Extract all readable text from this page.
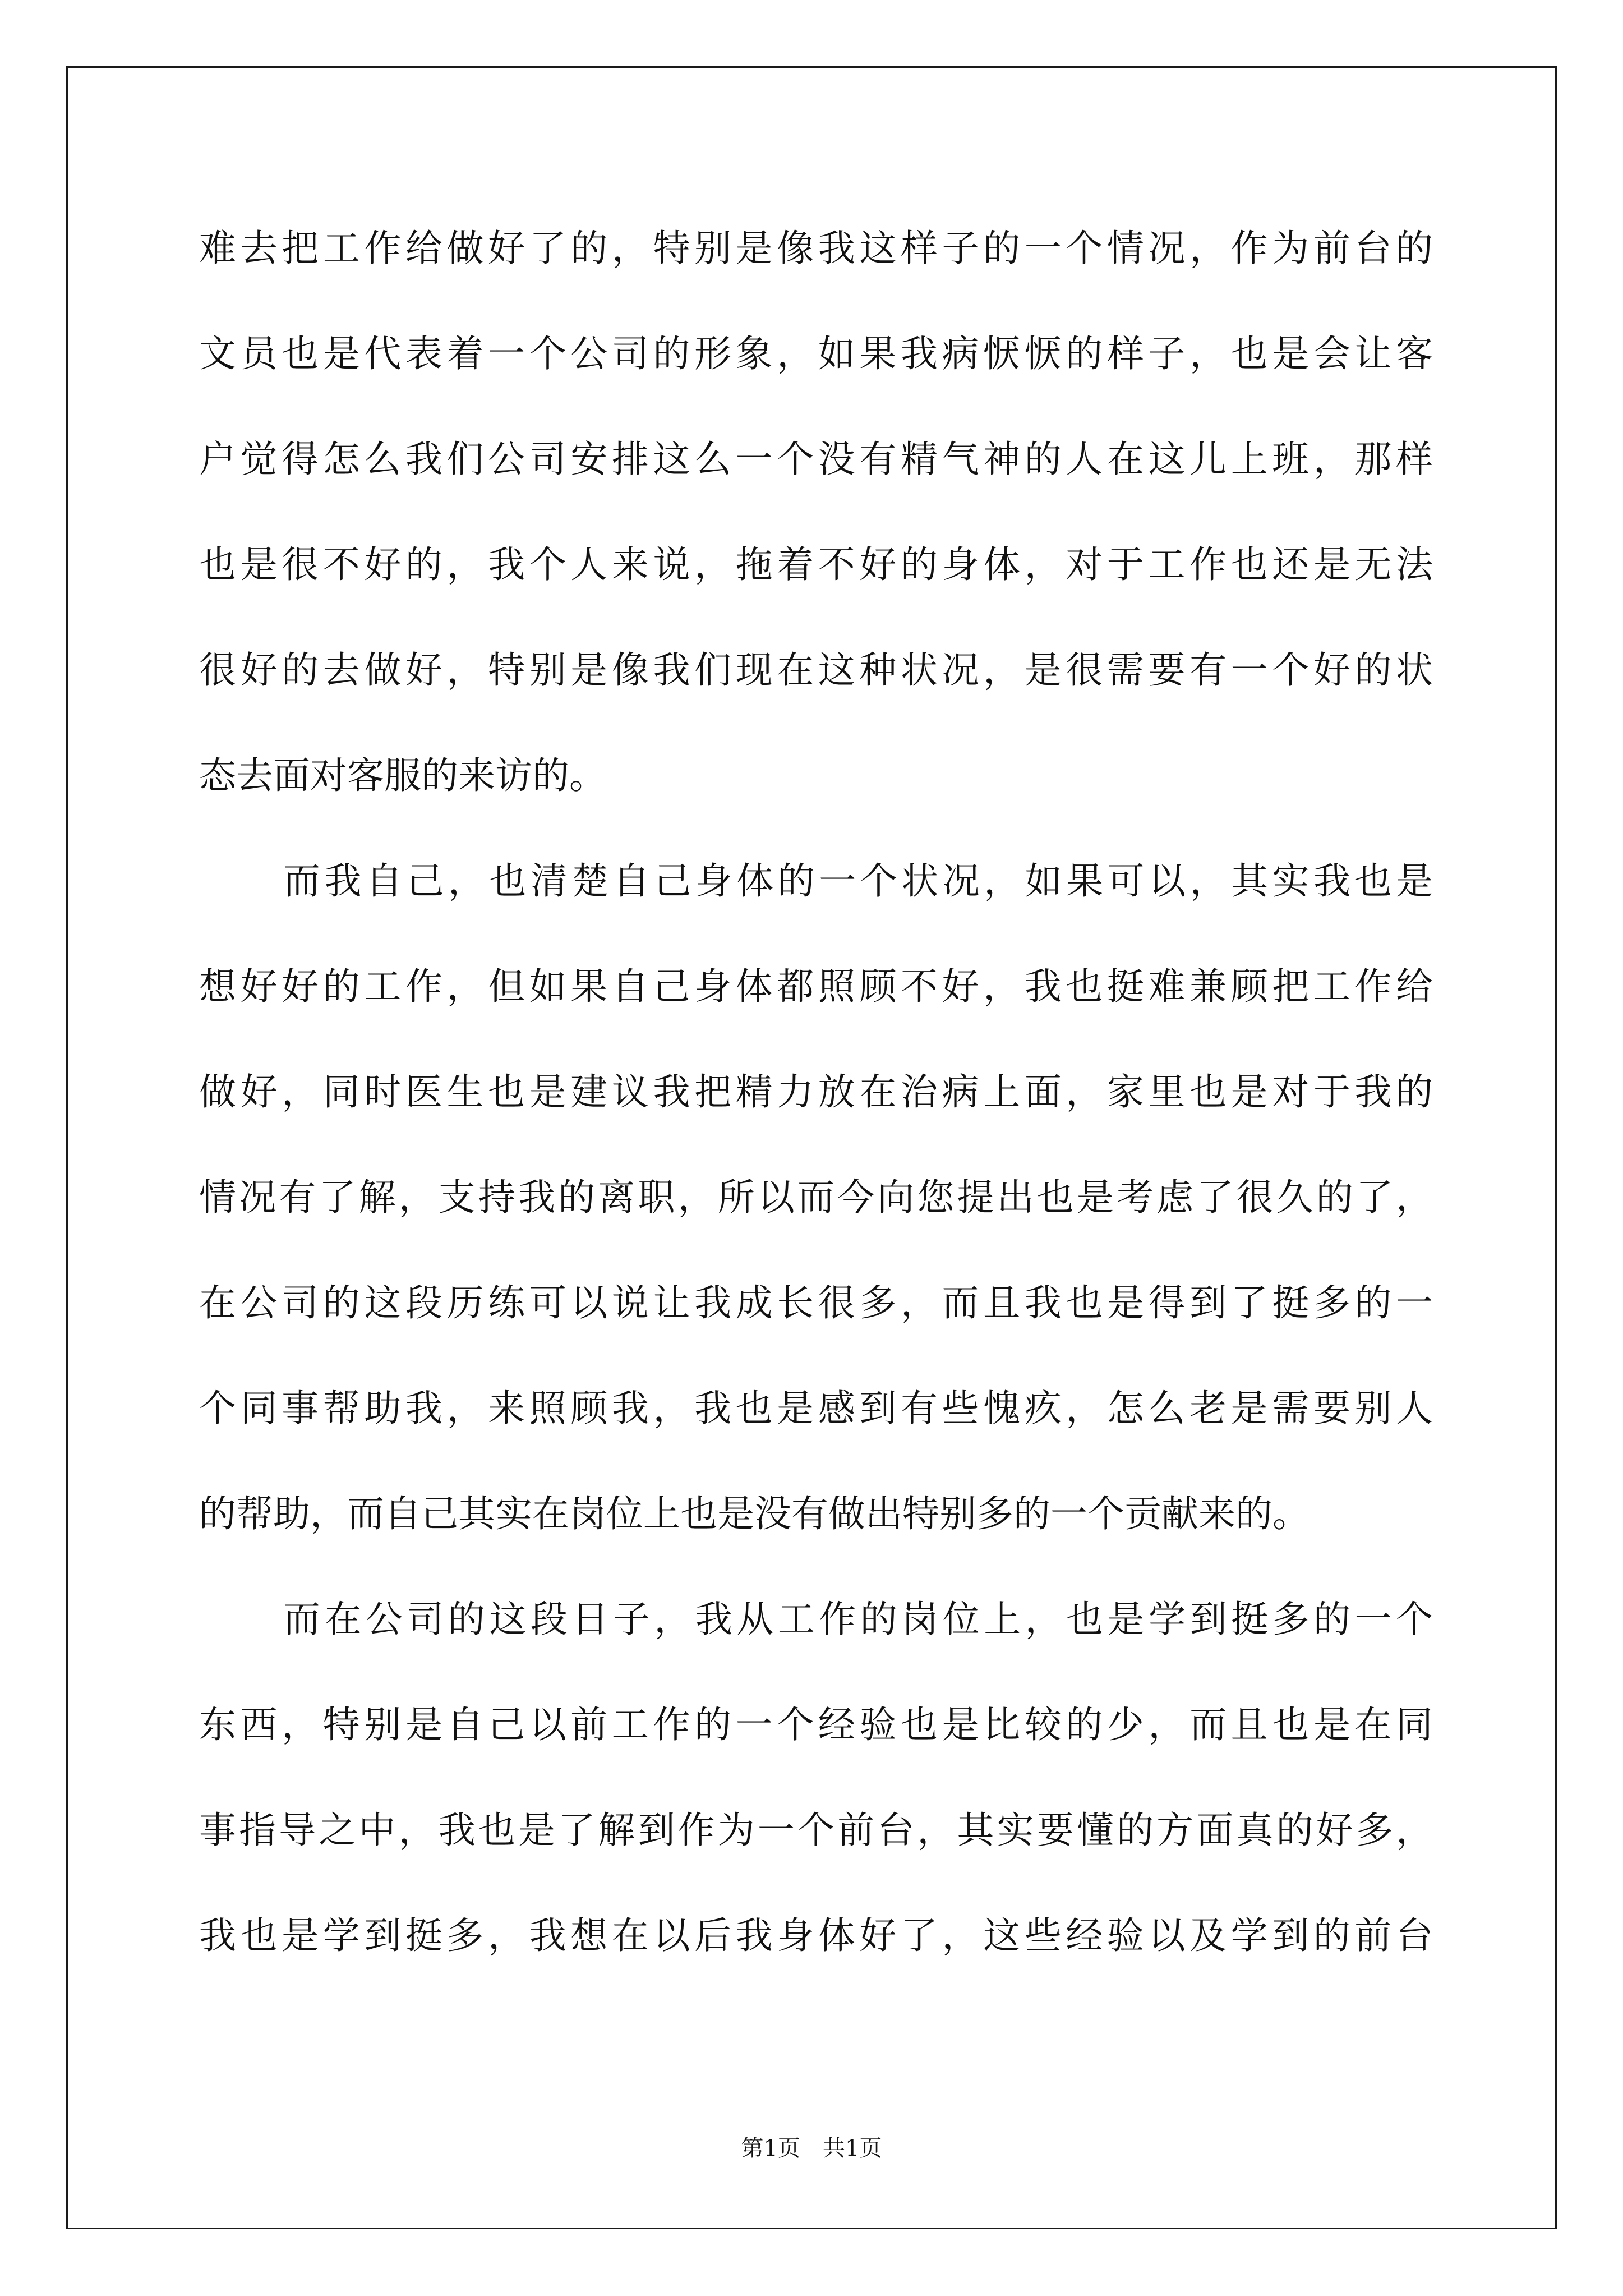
难去把工作给做好了的，特别是像我这样子的一个情况，作为前台的
文员也是代表着一个公司的形象，如果我病恹恹的样子，也是会让客
户觉得怎么我们公司安排这么一个没有精气神的人在这儿上班，那样
也是很不好的，我个人来说，拖着不好的身体，对于工作也还是无法
很好的去做好，特别是像我们现在这种状况，是很需要有一个好的状
态去面对客服的来访的。
而我自己，也清楚自己身体的一个状况，如果可以，其实我也是
想好好的工作，但如果自己身体都照顾不好，我也挺难兼顾把工作给
做好，同时医生也是建议我把精力放在治病上面，家里也是对于我的
情况有了解，支持我的离职，所以而今向您提出也是考虑了很久的了，
在公司的这段历练可以说让我成长很多，而且我也是得到了挺多的一
个同事帮助我，来照顾我，我也是感到有些愧疚，怎么老是需要别人
的帮助，而自己其实在岗位上也是没有做出特别多的一个贡献来的。
而在公司的这段日子，我从工作的岗位上，也是学到挺多的一个
东西，特别是自己以前工作的一个经验也是比较的少，而且也是在同
事指导之中，我也是了解到作为一个前台，其实要懂的方面真的好多，
我也是学到挺多，我想在以后我身体好了，这些经验以及学到的前台
第1页 共1页
